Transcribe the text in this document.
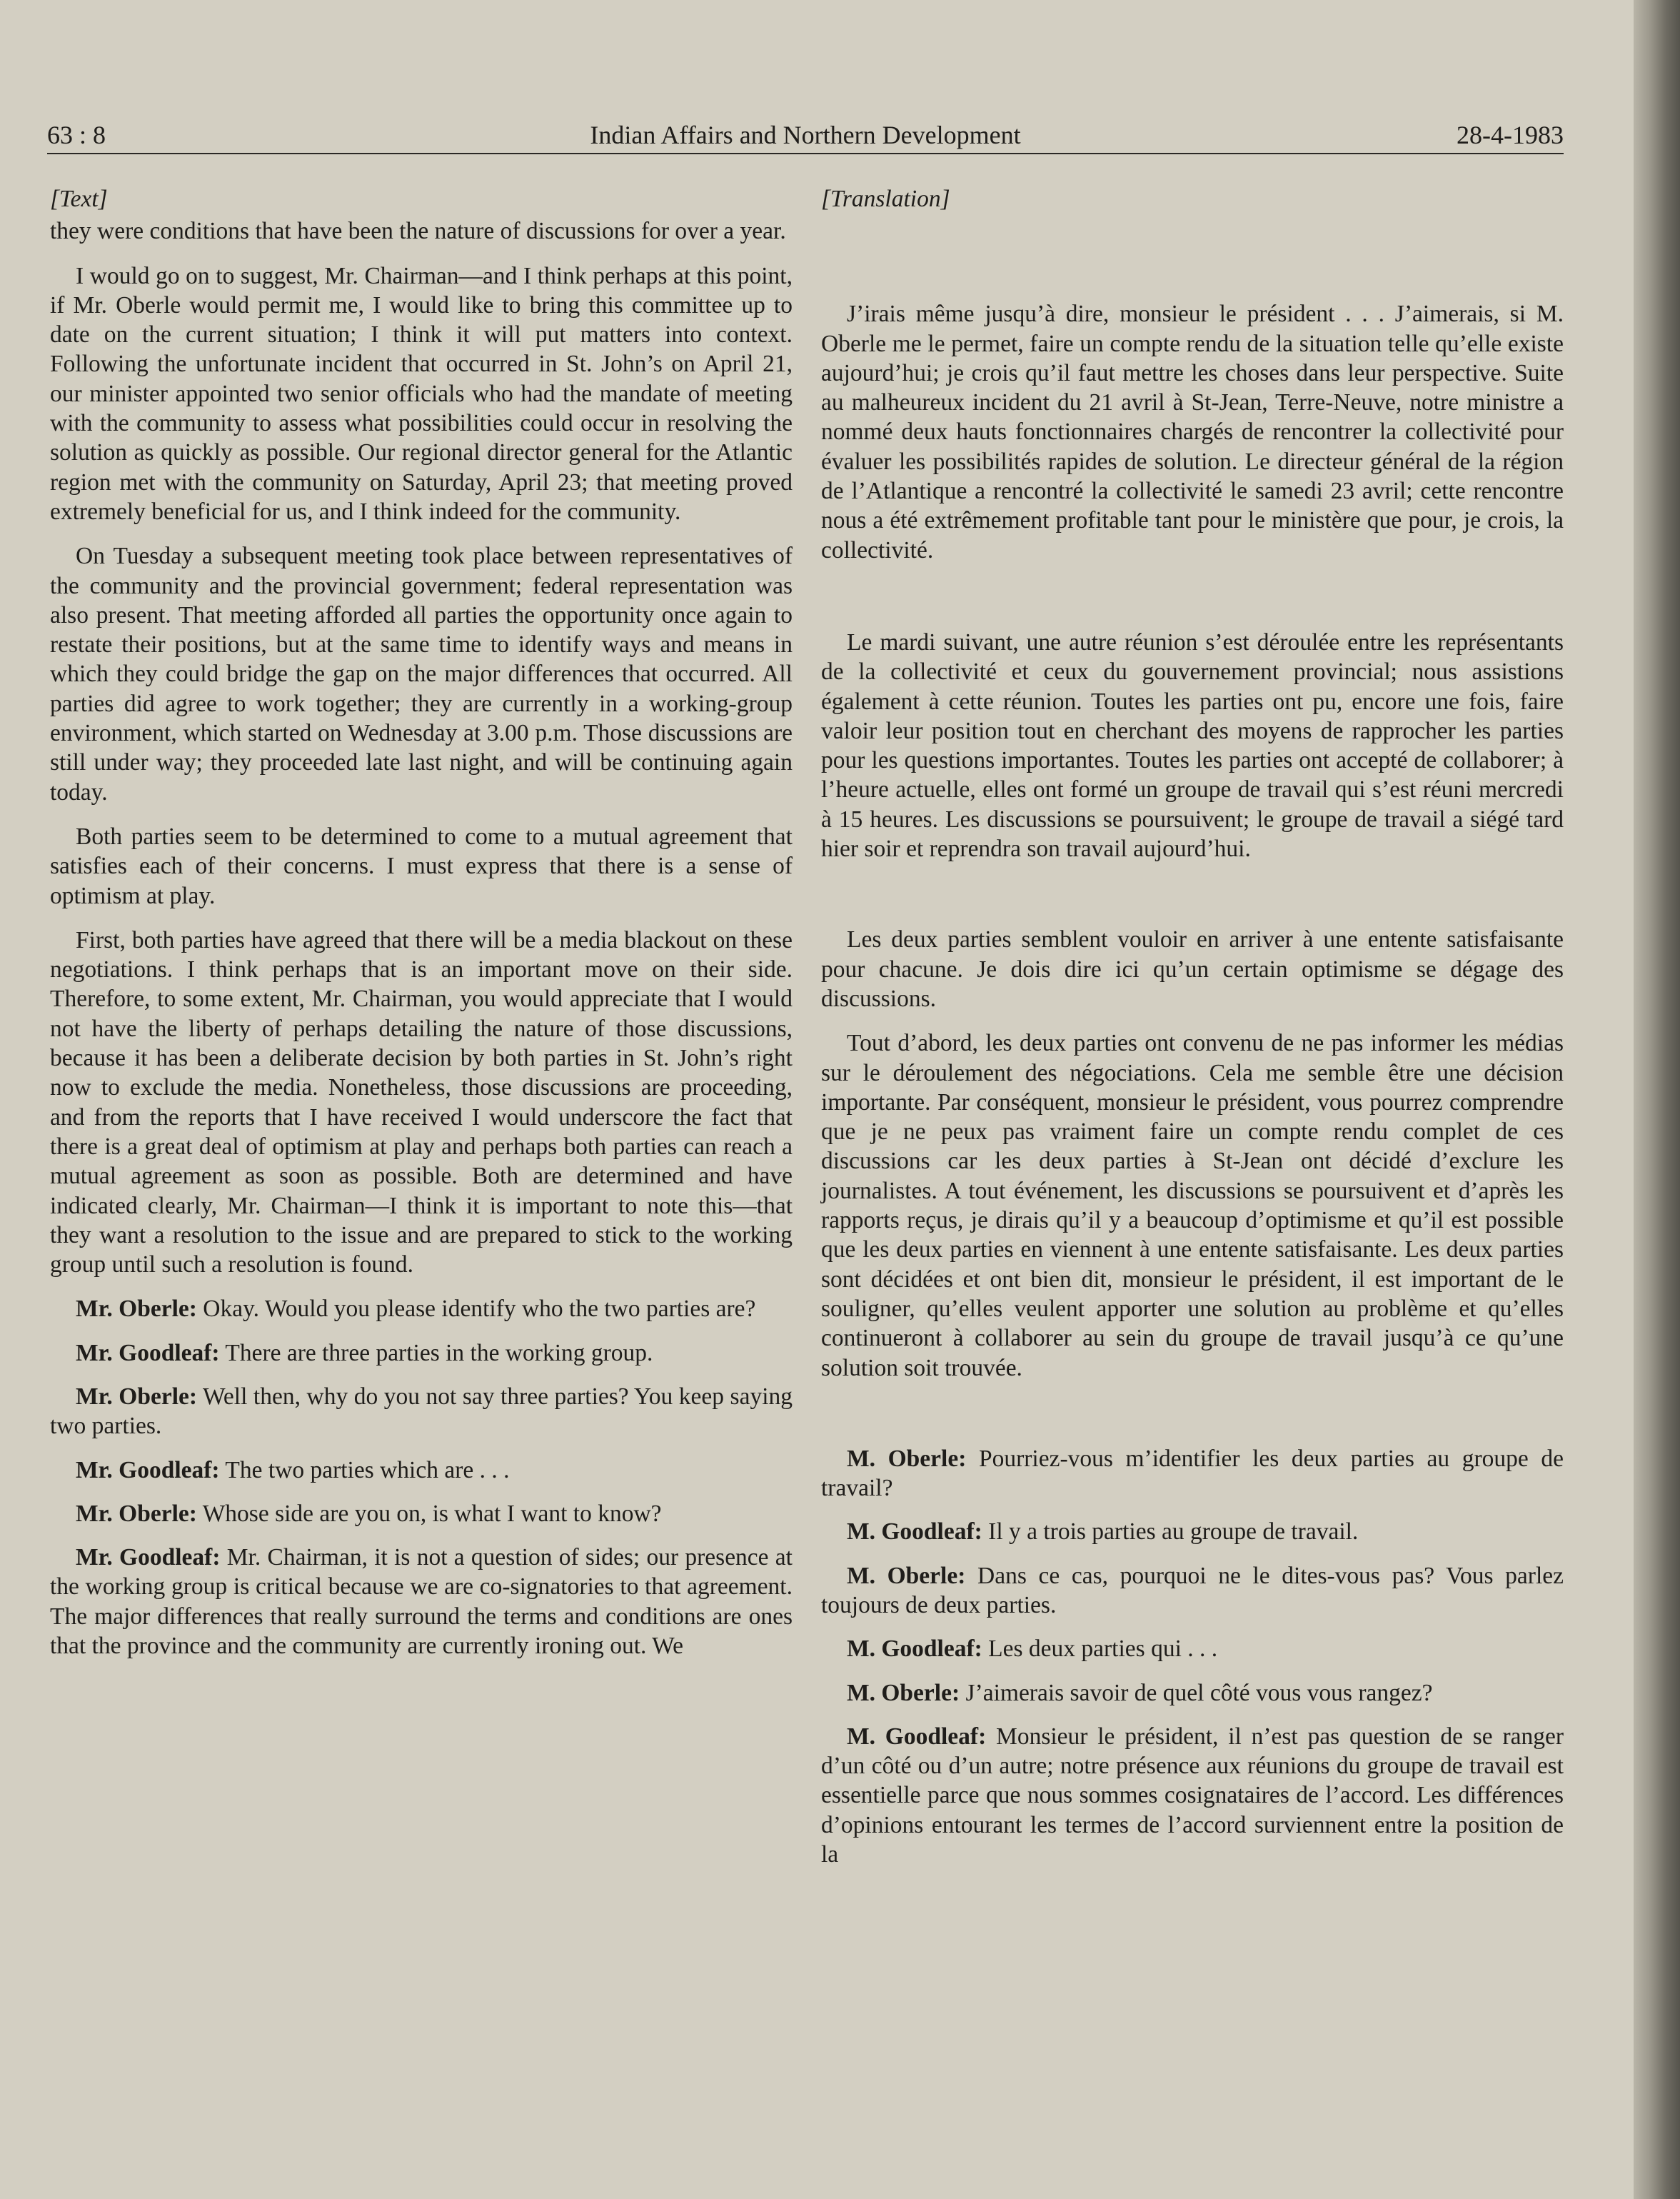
63 : 8	Indian Affairs and Northern Development	28-4-1983

[Text]

they were conditions that have been the nature of discussions for over a year.

I would go on to suggest, Mr. Chairman—and I think perhaps at this point, if Mr. Oberle would permit me, I would like to bring this committee up to date on the current situation; I think it will put matters into context. Following the unfortunate incident that occurred in St. John’s on April 21, our minister appointed two senior officials who had the mandate of meeting with the community to assess what possibilities could occur in resolving the solution as quickly as possible. Our regional director general for the Atlantic region met with the community on Saturday, April 23; that meeting proved extremely beneficial for us, and I think indeed for the community.

On Tuesday a subsequent meeting took place between representatives of the community and the provincial government; federal representation was also present. That meeting afforded all parties the opportunity once again to restate their positions, but at the same time to identify ways and means in which they could bridge the gap on the major differences that occurred. All parties did agree to work together; they are currently in a working-group environment, which started on Wednesday at 3.00 p.m. Those discussions are still under way; they proceeded late last night, and will be continuing again today.

Both parties seem to be determined to come to a mutual agreement that satisfies each of their concerns. I must express that there is a sense of optimism at play.

First, both parties have agreed that there will be a media blackout on these negotiations. I think perhaps that is an important move on their side. Therefore, to some extent, Mr. Chairman, you would appreciate that I would not have the liberty of perhaps detailing the nature of those discussions, because it has been a deliberate decision by both parties in St. John’s right now to exclude the media. Nonetheless, those discussions are proceeding, and from the reports that I have received I would underscore the fact that there is a great deal of optimism at play and perhaps both parties can reach a mutual agreement as soon as possible. Both are determined and have indicated clearly, Mr. Chairman—I think it is important to note this—that they want a resolution to the issue and are prepared to stick to the working group until such a resolution is found.

Mr. Oberle: Okay. Would you please identify who the two parties are?

Mr. Goodleaf: There are three parties in the working group.

Mr. Oberle: Well then, why do you not say three parties? You keep saying two parties.

Mr. Goodleaf: The two parties which are . . .

Mr. Oberle: Whose side are you on, is what I want to know?

Mr. Goodleaf: Mr. Chairman, it is not a question of sides; our presence at the working group is critical because we are co-signatories to that agreement. The major differences that really surround the terms and conditions are ones that the province and the community are currently ironing out. We

[Translation]

J’irais même jusqu’à dire, monsieur le président . . . J’aimerais, si M. Oberle me le permet, faire un compte rendu de la situation telle qu’elle existe aujourd’hui; je crois qu’il faut mettre les choses dans leur perspective. Suite au malheureux incident du 21 avril à St-Jean, Terre-Neuve, notre ministre a nommé deux hauts fonctionnaires chargés de rencontrer la collectivité pour évaluer les possibilités rapides de solution. Le directeur général de la région de l’Atlantique a rencontré la collectivité le samedi 23 avril; cette rencontre nous a été extrêmement profitable tant pour le ministère que pour, je crois, la collectivité.

Le mardi suivant, une autre réunion s’est déroulée entre les représentants de la collectivité et ceux du gouvernement provincial; nous assistions également à cette réunion. Toutes les parties ont pu, encore une fois, faire valoir leur position tout en cherchant des moyens de rapprocher les parties pour les questions importantes. Toutes les parties ont accepté de collaborer; à l’heure actuelle, elles ont formé un groupe de travail qui s’est réuni mercredi à 15 heures. Les discussions se poursuivent; le groupe de travail a siégé tard hier soir et reprendra son travail aujourd’hui.

Les deux parties semblent vouloir en arriver à une entente satisfaisante pour chacune. Je dois dire ici qu’un certain optimisme se dégage des discussions.

Tout d’abord, les deux parties ont convenu de ne pas informer les médias sur le déroulement des négociations. Cela me semble être une décision importante. Par conséquent, monsieur le président, vous pourrez comprendre que je ne peux pas vraiment faire un compte rendu complet de ces discussions car les deux parties à St-Jean ont décidé d’exclure les journalistes. A tout événement, les discussions se poursuivent et d’après les rapports reçus, je dirais qu’il y a beaucoup d’optimisme et qu’il est possible que les deux parties en viennent à une entente satisfaisante. Les deux parties sont décidées et ont bien dit, monsieur le président, il est important de le souligner, qu’elles veulent apporter une solution au problème et qu’elles continueront à collaborer au sein du groupe de travail jusqu’à ce qu’une solution soit trouvée.

M. Oberle: Pourriez-vous m’identifier les deux parties au groupe de travail?

M. Goodleaf: Il y a trois parties au groupe de travail.

M. Oberle: Dans ce cas, pourquoi ne le dites-vous pas? Vous parlez toujours de deux parties.

M. Goodleaf: Les deux parties qui . . .

M. Oberle: J’aimerais savoir de quel côté vous vous rangez?

M. Goodleaf: Monsieur le président, il n’est pas question de se ranger d’un côté ou d’un autre; notre présence aux réunions du groupe de travail est essentielle parce que nous sommes cosignataires de l’accord. Les différences d’opinions entourant les termes de l’accord surviennent entre la position de la
